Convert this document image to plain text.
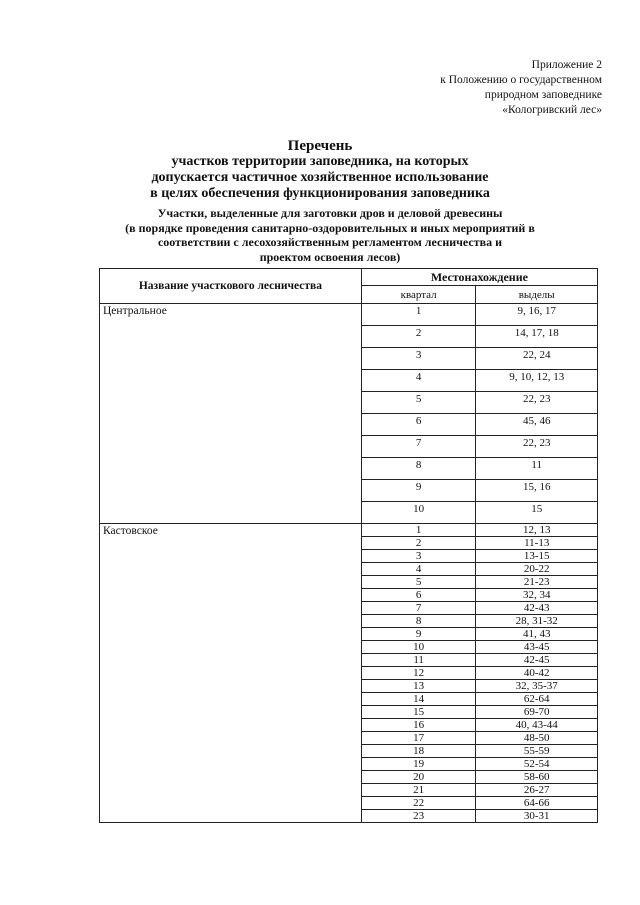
Приложение 2
к Положению о государственном
природном заповеднике
«Кологривский лес»
Перечень
участков территории заповедника, на которых
допускается частичное хозяйственное использование
в целях обеспечения функционирования заповедника
Участки, выделенные для заготовки дров и деловой древесины
(в порядке проведения санитарно-оздоровительных и иных мероприятий в
соответствии с лесохозяйственным регламентом лесничества и
проектом освоения лесов)
Название участкового лесничества	Местонахождение	
	квартал	выделы
Центральное	1	9, 16, 17
	2	14, 17, 18
	3	22, 24
	4	9, 10, 12, 13
	5	22, 23
	6	45, 46
	7	22, 23
	8	11
	9	15, 16
	10	15
Кастовское	1	12, 13
	2	11-13
	3	13-15
	4	20-22
	5	21-23
	6	32, 34
	7	42-43
	8	28, 31-32
	9	41, 43
	10	43-45
	11	42-45
	12	40-42
	13	32, 35-37
	14	62-64
	15	69-70
	16	40, 43-44
	17	48-50
	18	55-59
	19	52-54
	20	58-60
	21	26-27
	22	64-66
	23	30-31
